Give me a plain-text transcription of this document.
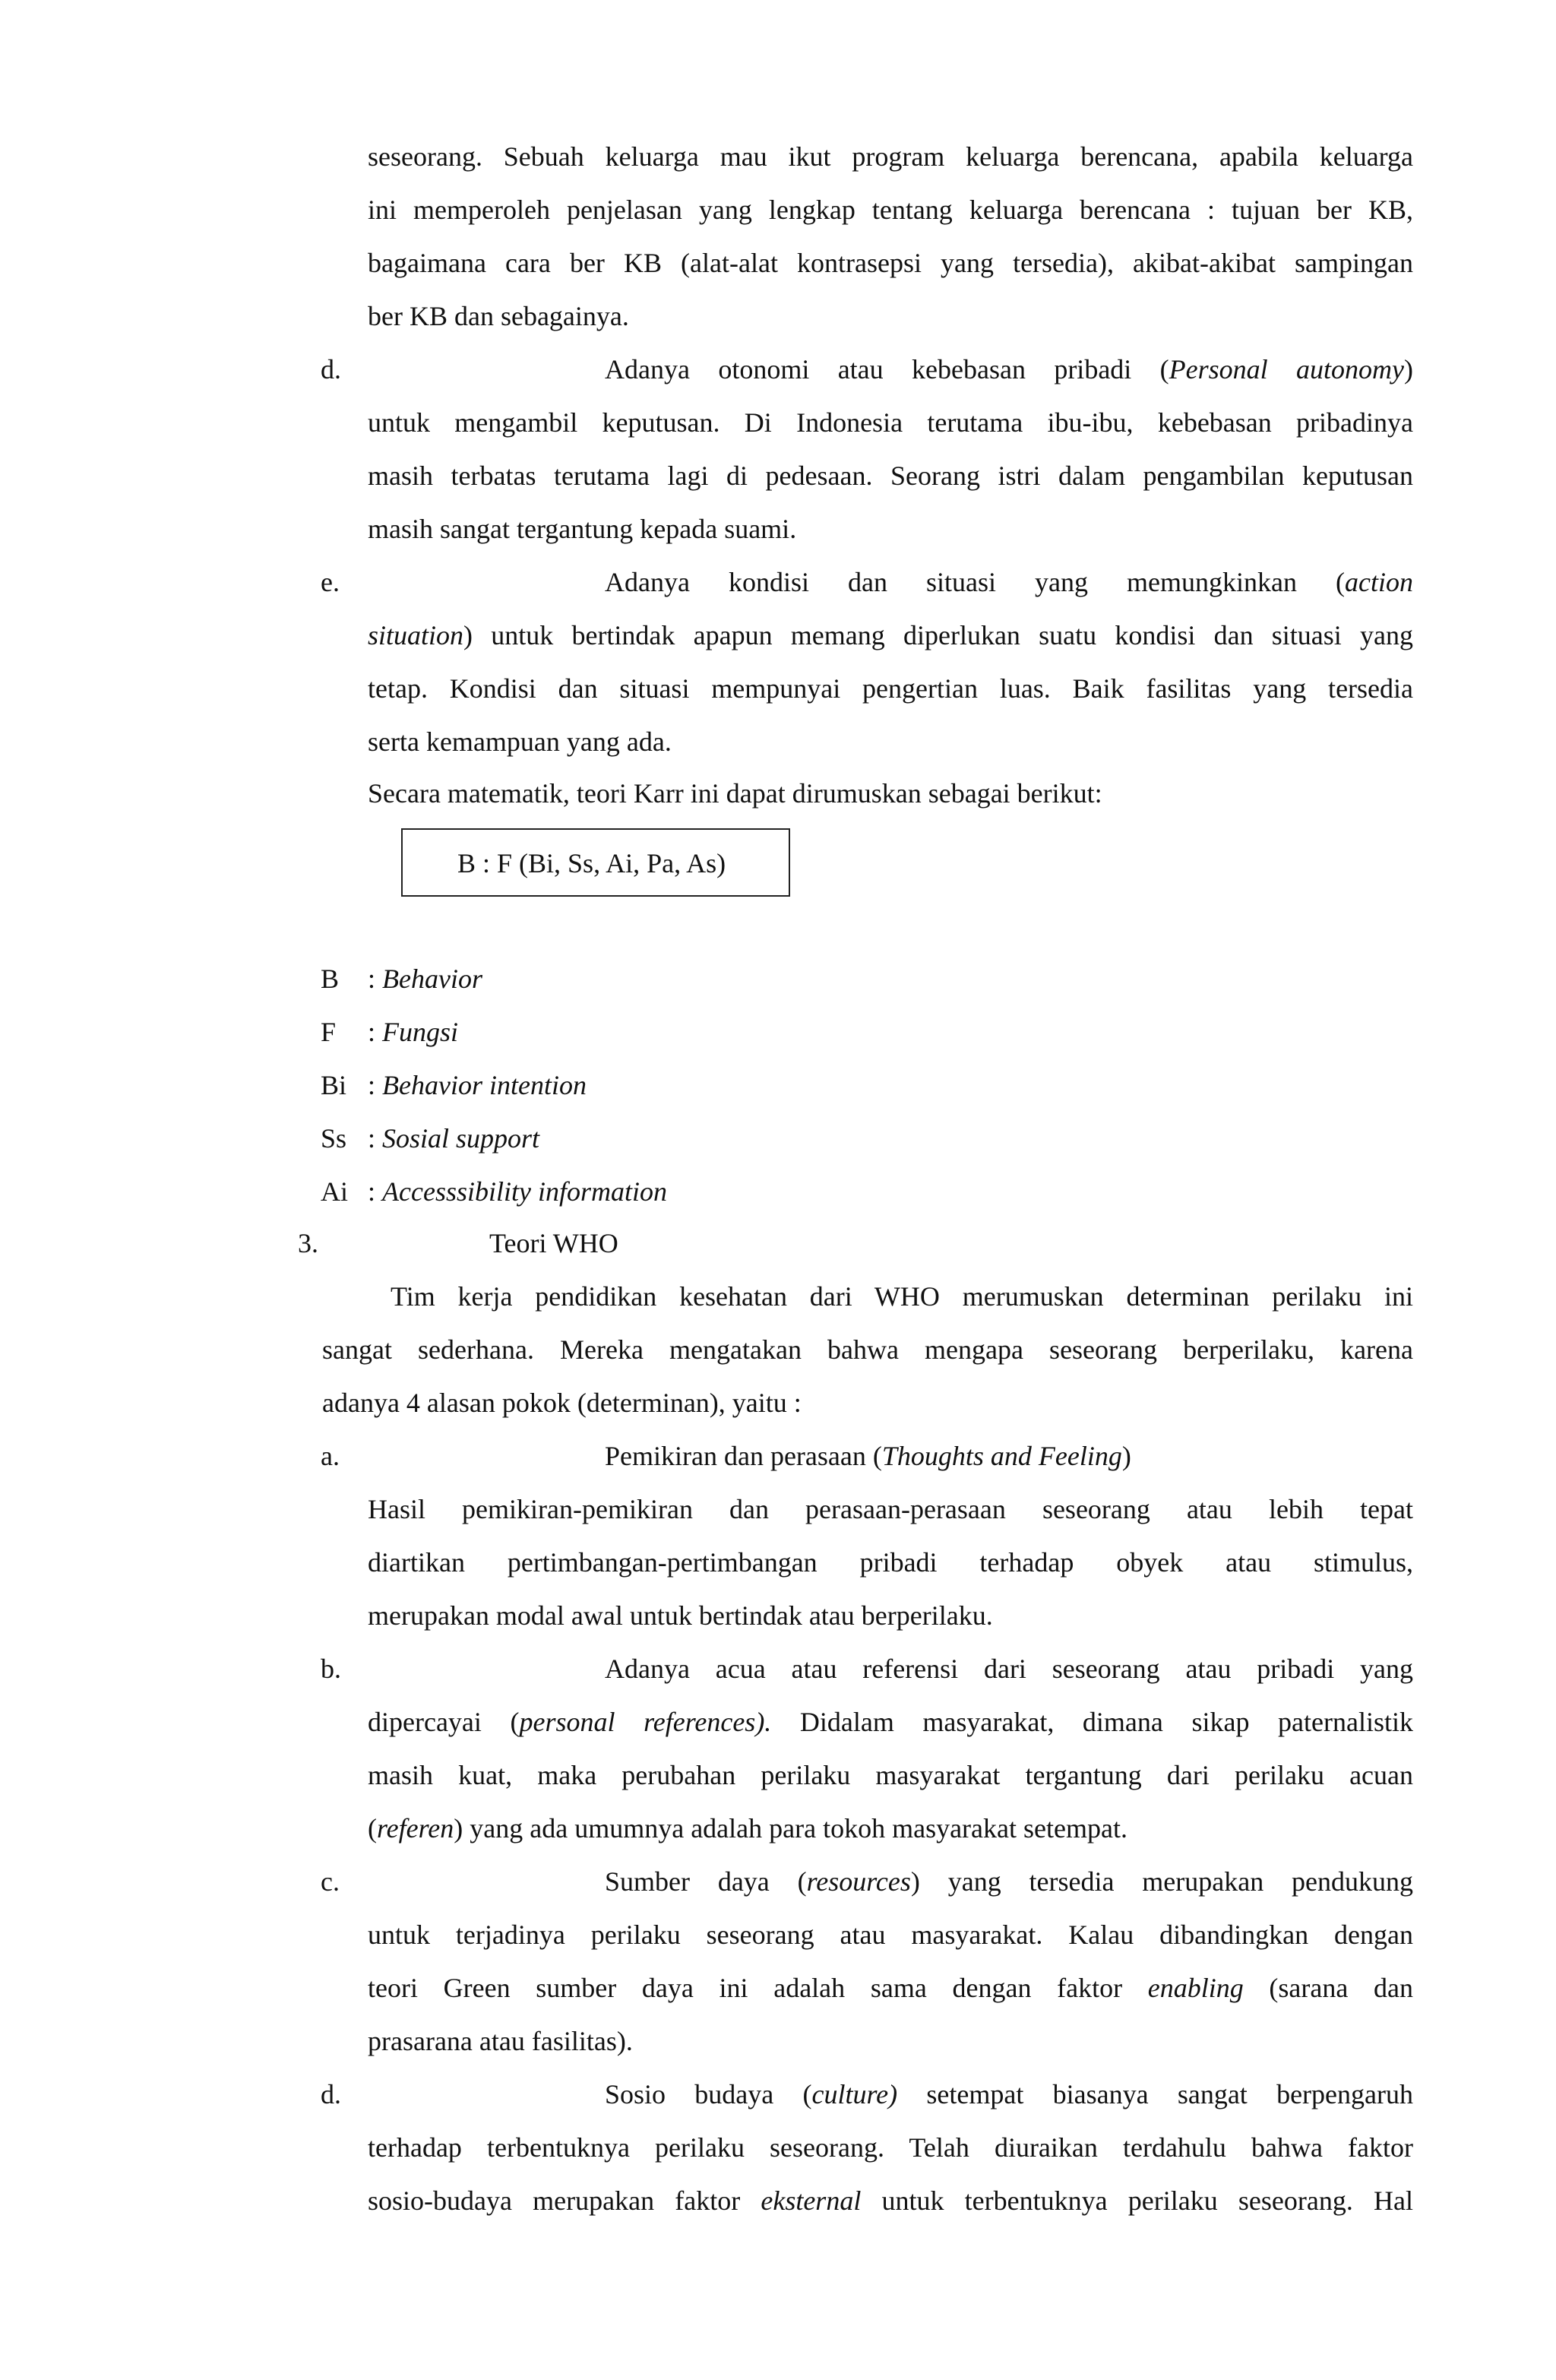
seseorang. Sebuah keluarga mau ikut program keluarga berencana, apabila keluarga
ini memperoleh penjelasan yang lengkap tentang keluarga berencana : tujuan ber KB,
bagaimana cara ber KB (alat-alat kontrasepsi yang tersedia), akibat-akibat sampingan
ber KB dan sebagainya.
d.	Adanya otonomi atau kebebasan pribadi (Personal autonomy)
untuk mengambil keputusan. Di Indonesia terutama ibu-ibu, kebebasan pribadinya
masih terbatas terutama lagi di pedesaan. Seorang istri dalam pengambilan keputusan
masih sangat tergantung kepada suami.
e.	Adanya kondisi dan situasi yang memungkinkan (action
situation) untuk bertindak apapun memang diperlukan suatu kondisi dan situasi yang
tetap. Kondisi dan situasi mempunyai pengertian luas. Baik fasilitas yang tersedia
serta kemampuan yang ada.
Secara matematik, teori Karr ini dapat dirumuskan sebagai berikut:
B : F (Bi, Ss, Ai, Pa, As)
B	: Behavior
F	: Fungsi
Bi : Behavior intention
Ss : Sosial support
Ai : Accesssibility information
3.	Teori WHO
Tim kerja pendidikan kesehatan dari WHO merumuskan determinan perilaku ini
sangat sederhana. Mereka mengatakan bahwa mengapa seseorang berperilaku, karena
adanya 4 alasan pokok (determinan), yaitu :
a.	Pemikiran dan perasaan (Thoughts and Feeling)
Hasil pemikiran-pemikiran dan perasaan-perasaan seseorang atau lebih tepat
diartikan pertimbangan-pertimbangan pribadi terhadap obyek atau stimulus,
merupakan modal awal untuk bertindak atau berperilaku.
b.	Adanya acua atau referensi dari seseorang atau pribadi yang
dipercayai (personal references). Didalam masyarakat, dimana sikap paternalistik
masih kuat, maka perubahan perilaku masyarakat tergantung dari perilaku acuan
(referen) yang ada umumnya adalah para tokoh masyarakat setempat.
c.	Sumber daya (resources) yang tersedia merupakan pendukung
untuk terjadinya perilaku seseorang atau masyarakat. Kalau dibandingkan dengan
teori Green sumber daya ini adalah sama dengan faktor enabling (sarana dan
prasarana atau fasilitas).
d.	Sosio budaya (culture) setempat biasanya sangat berpengaruh
terhadap terbentuknya perilaku seseorang. Telah diuraikan terdahulu bahwa faktor
sosio-budaya merupakan faktor eksternal untuk terbentuknya perilaku seseorang. Hal
